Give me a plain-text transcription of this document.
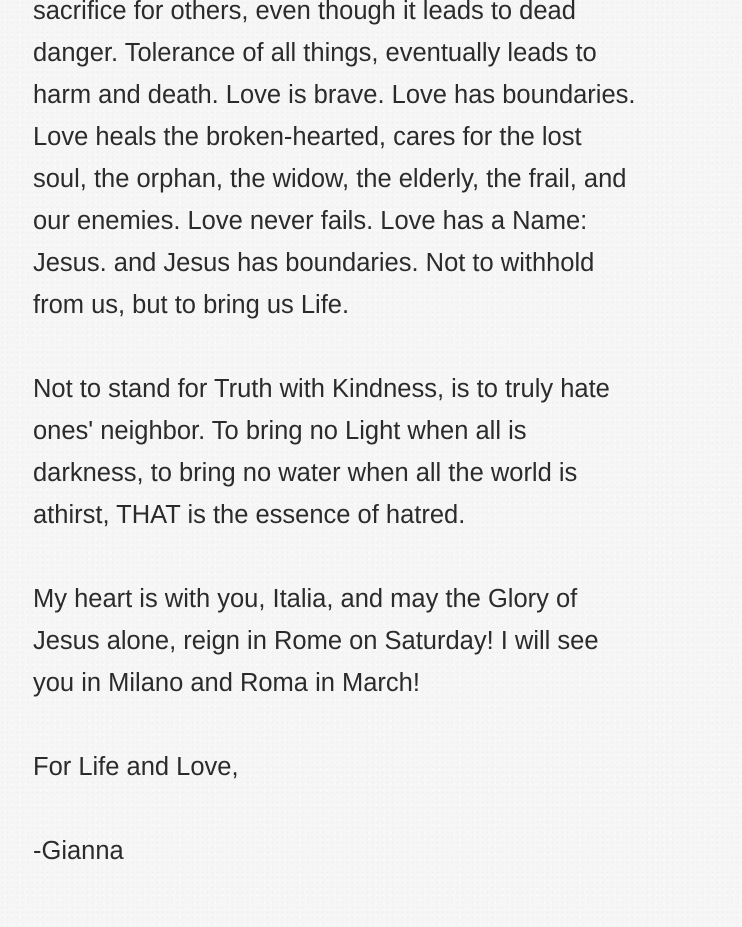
sacrifice for others, even though it leads to dead
danger. Tolerance of all things, eventually leads to
harm and death. Love is brave. Love has boundaries.
Love heals the broken-hearted, cares for the lost
soul, the orphan, the widow, the elderly, the frail, and
our enemies. Love never fails. Love has a Name:
Jesus. and Jesus has boundaries. Not to withhold
from us, but to bring us Life.
Not to stand for Truth with Kindness, is to truly hate
ones' neighbor. To bring no Light when all is
darkness, to bring no water when all the world is
athirst, THAT is the essence of hatred.
My heart is with you, Italia, and may the Glory of
Jesus alone, reign in Rome on Saturday! I will see
you in Milano and Roma in March!
For Life and Love,
-Gianna
